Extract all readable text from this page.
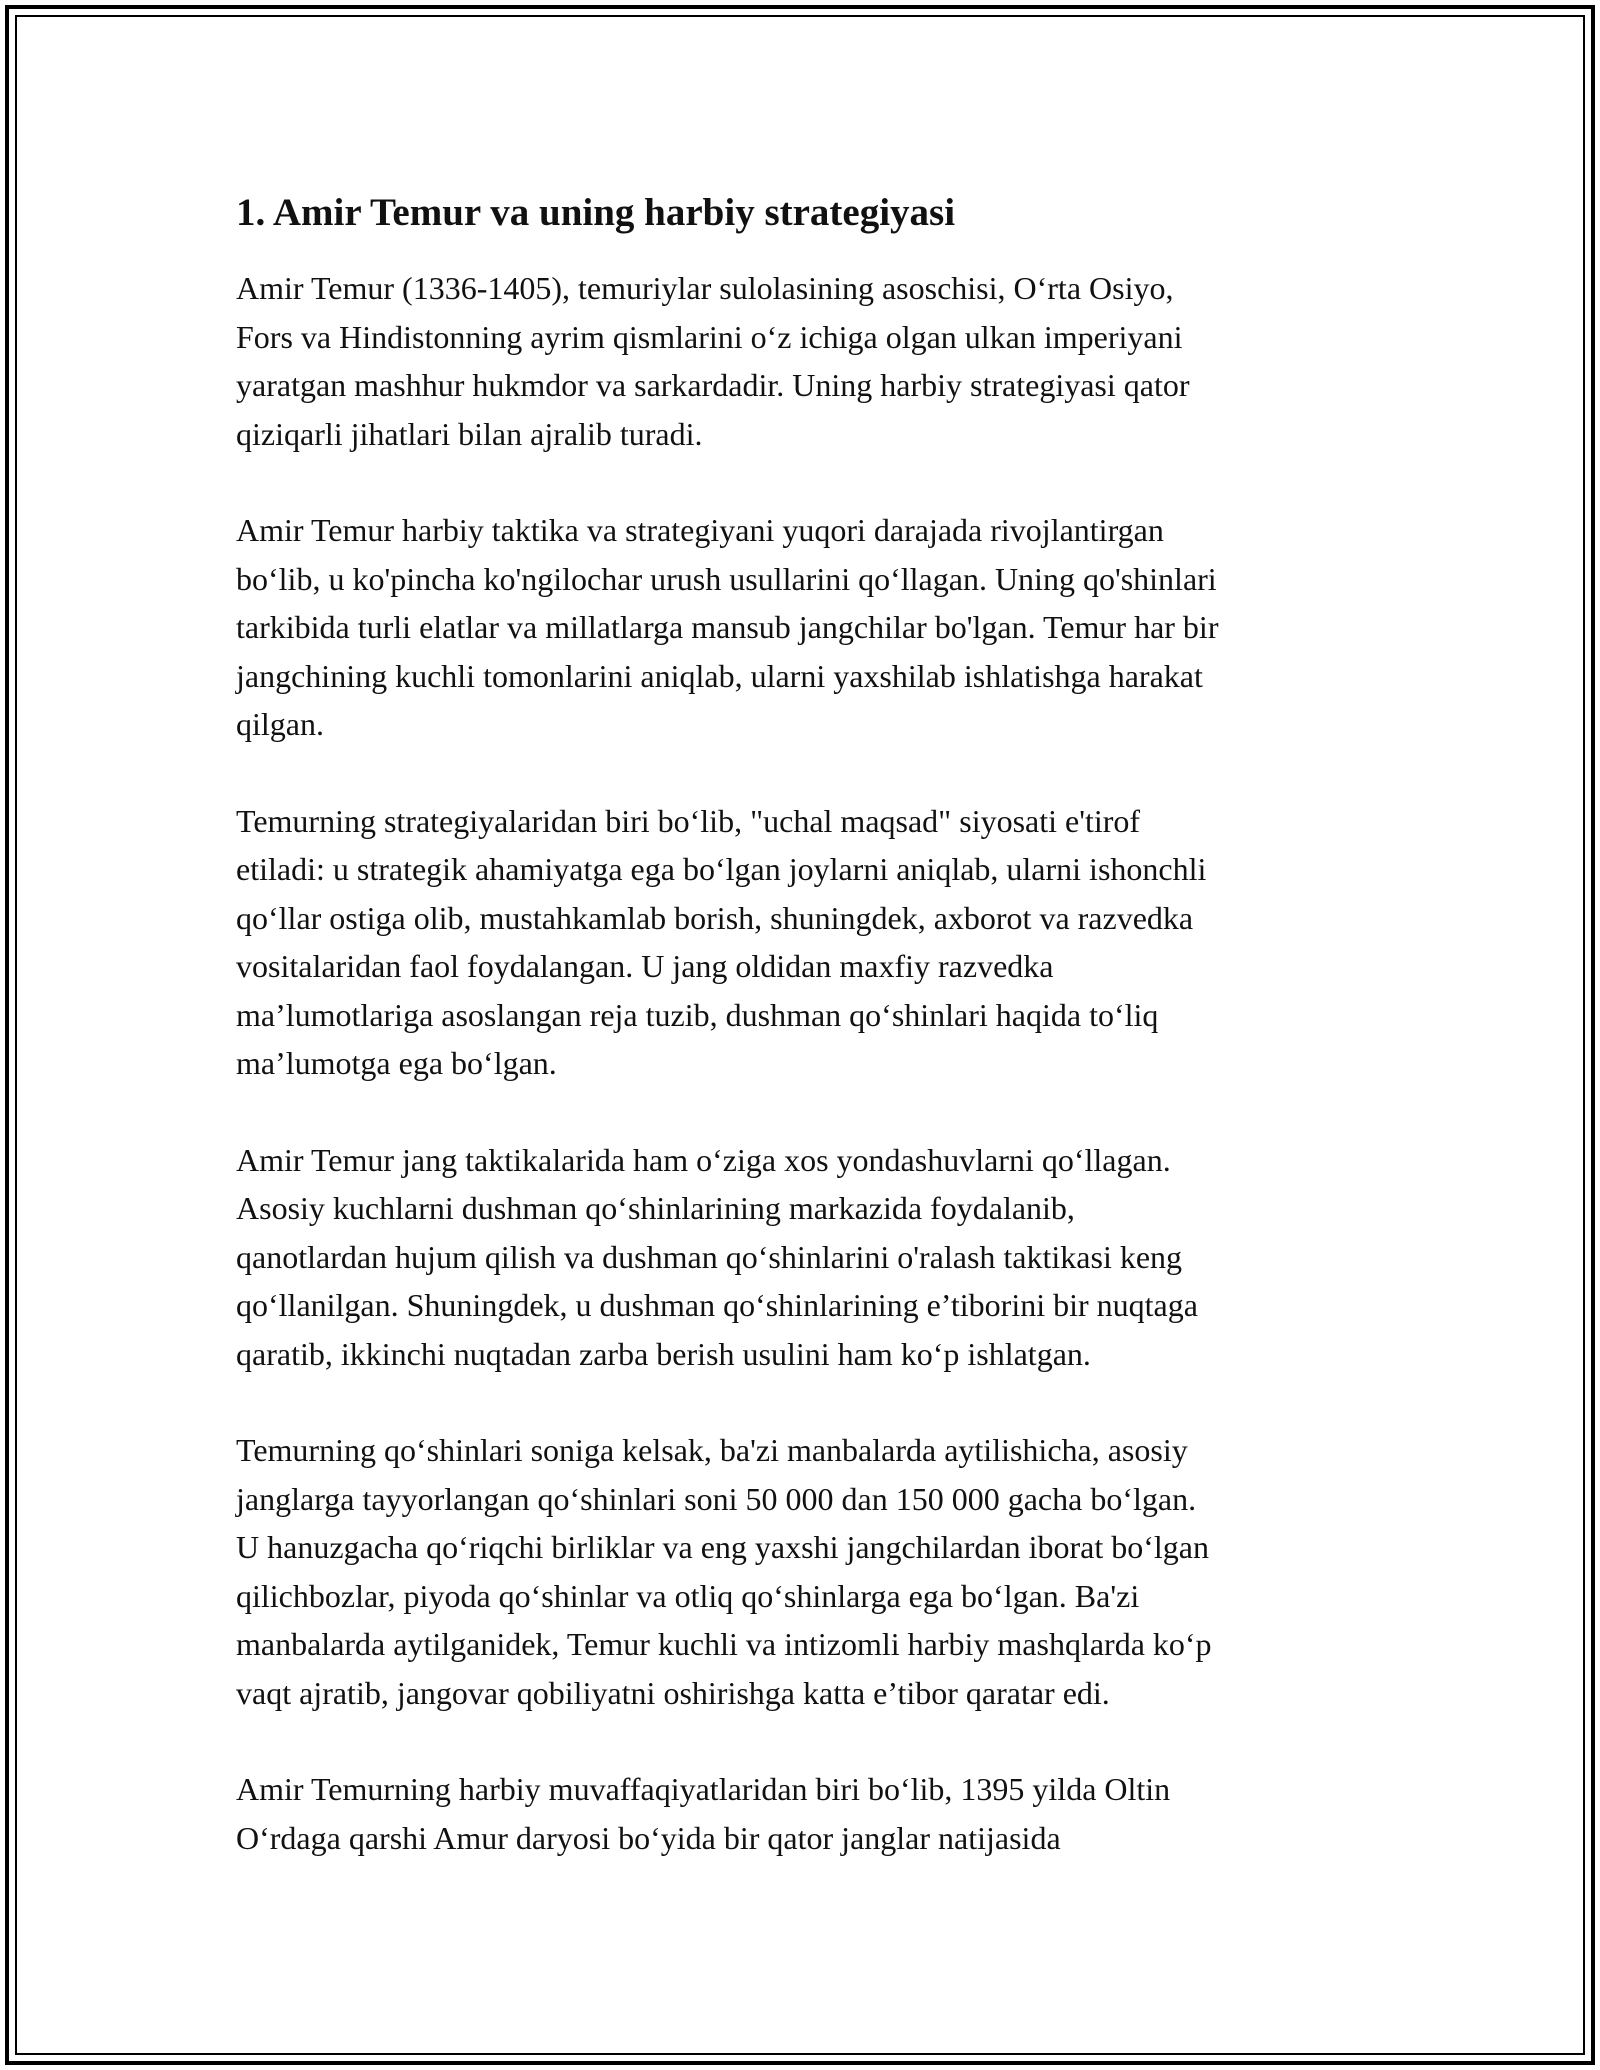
1. Amir Temur va uning harbiy strategiyasi

Amir Temur (1336-1405), temuriylar sulolasining asoschisi, O‘rta Osiyo,
Fors va Hindistonning ayrim qismlarini o‘z ichiga olgan ulkan imperiyani
yaratgan mashhur hukmdor va sarkardadir. Uning harbiy strategiyasi qator
qiziqarli jihatlari bilan ajralib turadi.

Amir Temur harbiy taktika va strategiyani yuqori darajada rivojlantirgan
bo‘lib, u ko'pincha ko'ngilochar urush usullarini qo‘llagan. Uning qo'shinlari
tarkibida turli elatlar va millatlarga mansub jangchilar bo'lgan. Temur har bir
jangchining kuchli tomonlarini aniqlab, ularni yaxshilab ishlatishga harakat
qilgan.

Temurning strategiyalaridan biri bo‘lib, "uchal maqsad" siyosati e'tirof
etiladi: u strategik ahamiyatga ega bo‘lgan joylarni aniqlab, ularni ishonchli
qo‘llar ostiga olib, mustahkamlab borish, shuningdek, axborot va razvedka
vositalaridan faol foydalangan. U jang oldidan maxfiy razvedka
ma’lumotlariga asoslangan reja tuzib, dushman qo‘shinlari haqida to‘liq
ma’lumotga ega bo‘lgan.

Amir Temur jang taktikalarida ham o‘ziga xos yondashuvlarni qo‘llagan.
Asosiy kuchlarni dushman qo‘shinlarining markazida foydalanib,
qanotlardan hujum qilish va dushman qo‘shinlarini o'ralash taktikasi keng
qo‘llanilgan. Shuningdek, u dushman qo‘shinlarining e’tiborini bir nuqtaga
qaratib, ikkinchi nuqtadan zarba berish usulini ham ko‘p ishlatgan.

Temurning qo‘shinlari soniga kelsak, ba'zi manbalarda aytilishicha, asosiy
janglarga tayyorlangan qo‘shinlari soni 50 000 dan 150 000 gacha bo‘lgan.
U hanuzgacha qo‘riqchi birliklar va eng yaxshi jangchilardan iborat bo‘lgan
qilichbozlar, piyoda qo‘shinlar va otliq qo‘shinlarga ega bo‘lgan. Ba'zi
manbalarda aytilganidek, Temur kuchli va intizomli harbiy mashqlarda ko‘p
vaqt ajratib, jangovar qobiliyatni oshirishga katta e’tibor qaratar edi.

Amir Temurning harbiy muvaffaqiyatlaridan biri bo‘lib, 1395 yilda Oltin
O‘rdaga qarshi Amur daryosi bo‘yida bir qator janglar natijasida
